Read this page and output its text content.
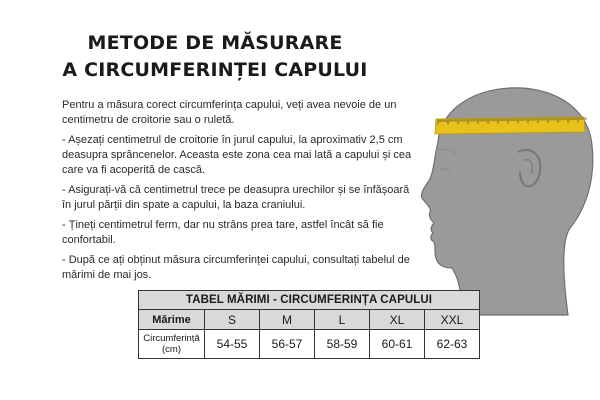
METODE DE MĂSURARE
A CIRCUMFERINȚEI CAPULUI

Pentru a măsura corect circumferința capului, veți avea nevoie de un centimetru de croitorie sau o ruletă.

- Așezați centimetrul de croitorie în jurul capului, la aproximativ 2,5 cm deasupra sprâncenelor. Aceasta este zona cea mai lată a capului și cea care va fi acoperită de cască.

- Asigurați-vă că centimetrul trece pe deasupra urechilor și se înfășoară în jurul părții din spate a capului, la baza craniului.

- Țineți centimetrul ferm, dar nu strâns prea tare, astfel încât să fie confortabil.

- După ce ați obținut măsura circumferinței capului, consultați tabelul de mărimi de mai jos.

TABEL MĂRIMI - CIRCUMFERINȚA CAPULUI					
Mărime	S	M	L	XL	XXL
Circumferință (cm)	54-55	56-57	58-59	60-61	62-63
